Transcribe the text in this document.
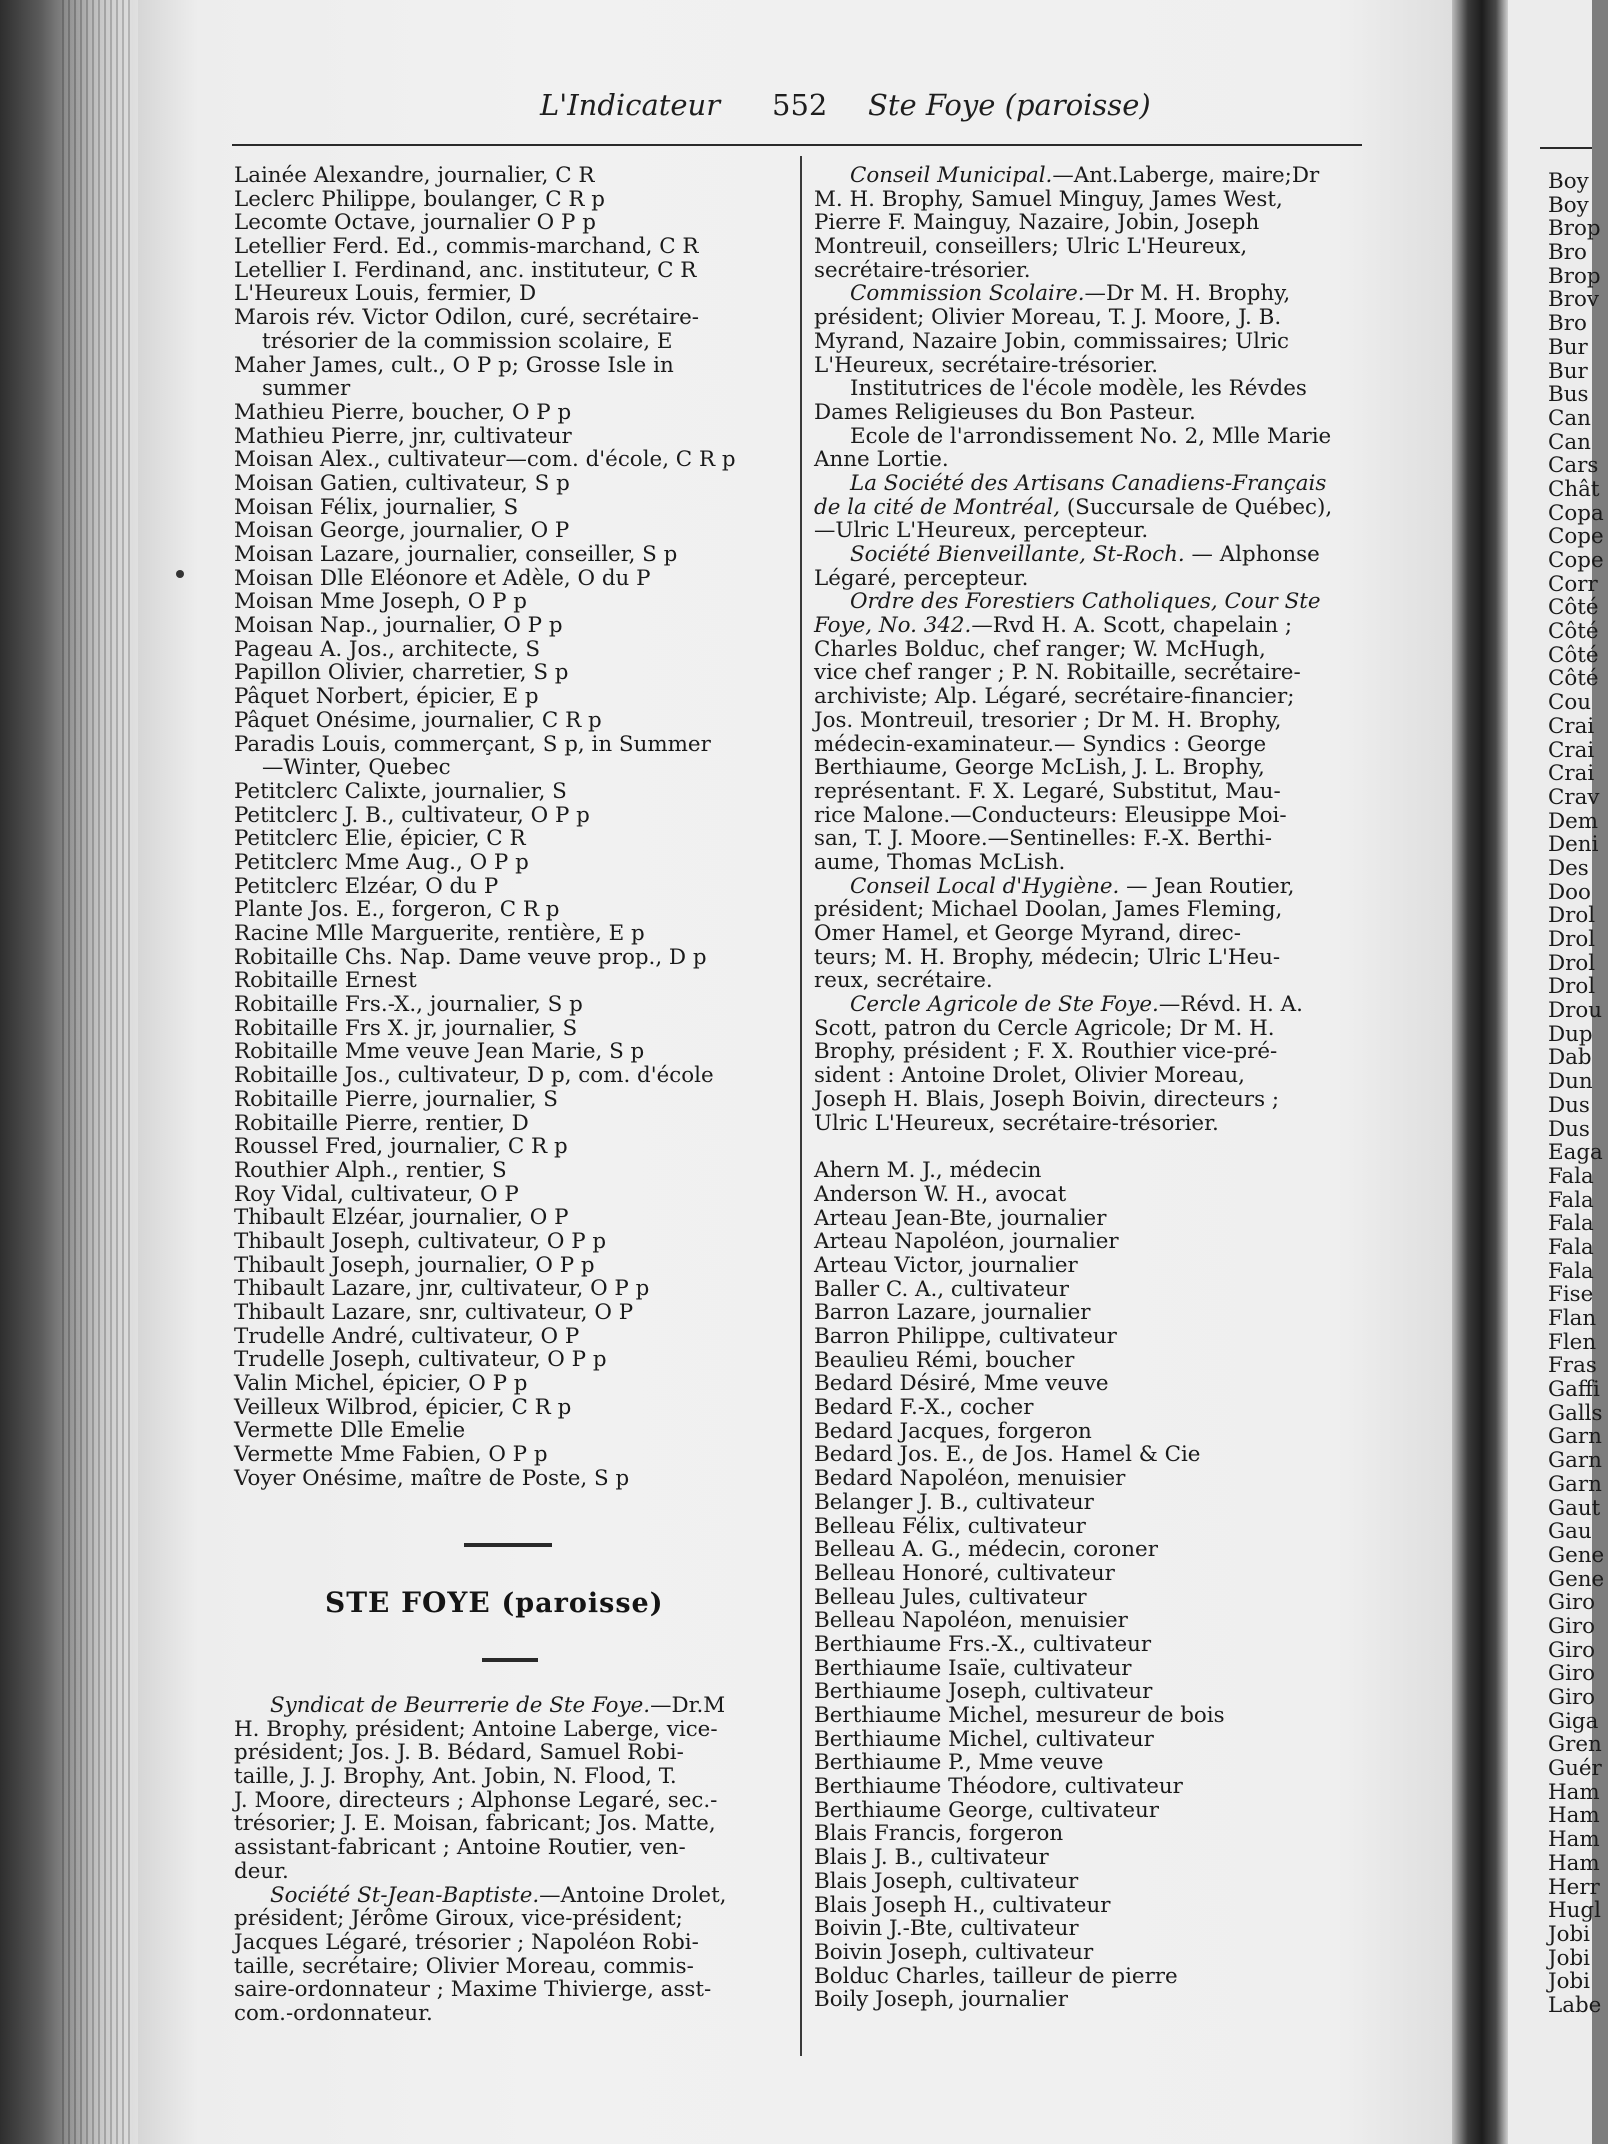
L'Indicateur 552 Ste Foye (paroisse)
Lainée Alexandre, journalier, C R
Leclerc Philippe, boulanger, C R p
Lecomte Octave, journalier O P p
Letellier Ferd. Ed., commis-marchand, C R
Letellier I. Ferdinand, anc. instituteur, C R
L'Heureux Louis, fermier, D
Marois rév. Victor Odilon, curé, secrétaire-
trésorier de la commission scolaire, E
Maher James, cult., O P p; Grosse Isle in
summer
Mathieu Pierre, boucher, O P p
Mathieu Pierre, jnr, cultivateur
Moisan Alex., cultivateur—com. d'école, C R p
Moisan Gatien, cultivateur, S p
Moisan Félix, journalier, S
Moisan George, journalier, O P
Moisan Lazare, journalier, conseiller, S p
Moisan Dlle Eléonore et Adèle, O du P
Moisan Mme Joseph, O P p
Moisan Nap., journalier, O P p
Pageau A. Jos., architecte, S
Papillon Olivier, charretier, S p
Pâquet Norbert, épicier, E p
Pâquet Onésime, journalier, C R p
Paradis Louis, commerçant, S p, in Summer
—Winter, Quebec
Petitclerc Calixte, journalier, S
Petitclerc J. B., cultivateur, O P p
Petitclerc Elie, épicier, C R
Petitclerc Mme Aug., O P p
Petitclerc Elzéar, O du P
Plante Jos. E., forgeron, C R p
Racine Mlle Marguerite, rentière, E p
Robitaille Chs. Nap. Dame veuve prop., D p
Robitaille Ernest
Robitaille Frs.-X., journalier, S p
Robitaille Frs X. jr, journalier, S
Robitaille Mme veuve Jean Marie, S p
Robitaille Jos., cultivateur, D p, com. d'école
Robitaille Pierre, journalier, S
Robitaille Pierre, rentier, D
Roussel Fred, journalier, C R p
Routhier Alph., rentier, S
Roy Vidal, cultivateur, O P
Thibault Elzéar, journalier, O P
Thibault Joseph, cultivateur, O P p
Thibault Joseph, journalier, O P p
Thibault Lazare, jnr, cultivateur, O P p
Thibault Lazare, snr, cultivateur, O P
Trudelle André, cultivateur, O P
Trudelle Joseph, cultivateur, O P p
Valin Michel, épicier, O P p
Veilleux Wilbrod, épicier, C R p
Vermette Dlle Emelie
Vermette Mme Fabien, O P p
Voyer Onésime, maître de Poste, S p
STE FOYE (paroisse)
Syndicat de Beurrerie de Ste Foye.—Dr.M
H. Brophy, président; Antoine Laberge, vice-
président; Jos. J. B. Bédard, Samuel Robi-
taille, J. J. Brophy, Ant. Jobin, N. Flood, T.
J. Moore, directeurs ; Alphonse Legaré, sec.-
trésorier; J. E. Moisan, fabricant; Jos. Matte,
assistant-fabricant ; Antoine Routier, ven-
deur.
Société St-Jean-Baptiste.—Antoine Drolet,
président; Jérôme Giroux, vice-président;
Jacques Légaré, trésorier ; Napoléon Robi-
taille, secrétaire; Olivier Moreau, commis-
saire-ordonnateur ; Maxime Thivierge, asst-
com.-ordonnateur.
Conseil Municipal.—Ant.Laberge, maire;Dr
M. H. Brophy, Samuel Minguy, James West,
Pierre F. Mainguy, Nazaire, Jobin, Joseph
Montreuil, conseillers; Ulric L'Heureux,
secrétaire-trésorier.
Commission Scolaire.—Dr M. H. Brophy,
président; Olivier Moreau, T. J. Moore, J. B.
Myrand, Nazaire Jobin, commissaires; Ulric
L'Heureux, secrétaire-trésorier.
Institutrices de l'école modèle, les Révdes
Dames Religieuses du Bon Pasteur.
Ecole de l'arrondissement No. 2, Mlle Marie
Anne Lortie.
La Société des Artisans Canadiens-Français
de la cité de Montréal, (Succursale de Québec),
—Ulric L'Heureux, percepteur.
Société Bienveillante, St-Roch. — Alphonse
Légaré, percepteur.
Ordre des Forestiers Catholiques, Cour Ste
Foye, No. 342.—Rvd H. A. Scott, chapelain ;
Charles Bolduc, chef ranger; W. McHugh,
vice chef ranger ; P. N. Robitaille, secrétaire-
archiviste; Alp. Légaré, secrétaire-financier;
Jos. Montreuil, tresorier ; Dr M. H. Brophy,
médecin-examinateur.— Syndics : George
Berthiaume, George McLish, J. L. Brophy,
représentant. F. X. Legaré, Substitut, Mau-
rice Malone.—Conducteurs: Eleusippe Moi-
san, T. J. Moore.—Sentinelles: F.-X. Berthi-
aume, Thomas McLish.
Conseil Local d'Hygiène. — Jean Routier,
président; Michael Doolan, James Fleming,
Omer Hamel, et George Myrand, direc-
teurs; M. H. Brophy, médecin; Ulric L'Heu-
reux, secrétaire.
Cercle Agricole de Ste Foye.—Révd. H. A.
Scott, patron du Cercle Agricole; Dr M. H.
Brophy, président ; F. X. Routhier vice-pré-
sident : Antoine Drolet, Olivier Moreau,
Joseph H. Blais, Joseph Boivin, directeurs ;
Ulric L'Heureux, secrétaire-trésorier.
Ahern M. J., médecin
Anderson W. H., avocat
Arteau Jean-Bte, journalier
Arteau Napoléon, journalier
Arteau Victor, journalier
Baller C. A., cultivateur
Barron Lazare, journalier
Barron Philippe, cultivateur
Beaulieu Rémi, boucher
Bedard Désiré, Mme veuve
Bedard F.-X., cocher
Bedard Jacques, forgeron
Bedard Jos. E., de Jos. Hamel & Cie
Bedard Napoléon, menuisier
Belanger J. B., cultivateur
Belleau Félix, cultivateur
Belleau A. G., médecin, coroner
Belleau Honoré, cultivateur
Belleau Jules, cultivateur
Belleau Napoléon, menuisier
Berthiaume Frs.-X., cultivateur
Berthiaume Isaïe, cultivateur
Berthiaume Joseph, cultivateur
Berthiaume Michel, mesureur de bois
Berthiaume Michel, cultivateur
Berthiaume P., Mme veuve
Berthiaume Théodore, cultivateur
Berthiaume George, cultivateur
Blais Francis, forgeron
Blais J. B., cultivateur
Blais Joseph, cultivateur
Blais Joseph H., cultivateur
Boivin J.-Bte, cultivateur
Boivin Joseph, cultivateur
Bolduc Charles, tailleur de pierre
Boily Joseph, journalier
Boy
Boy
Brop
Bro
Brop
Brov
Bro
Bur
Bur
Bus
Can
Can
Cars
Chât
Copa
Cope
Cope
Corr
Côté
Côté
Côté
Côté
Cou
Crai
Crai
Crai
Crav
Dem
Deni
Des
Doo
Drol
Drol
Drol
Drol
Drou
Dup
Dab
Dun
Dus
Dus
Eaga
Fala
Fala
Fala
Fala
Fala
Fise
Flan
Flen
Fras
Gaffi
Galls
Garn
Garn
Garn
Gaut
Gau
Gene
Gene
Giro
Giro
Giro
Giro
Giro
Giga
Gren
Guér
Ham
Ham
Ham
Ham
Herr
Hugl
Jobi
Jobi
Jobi
Labe
